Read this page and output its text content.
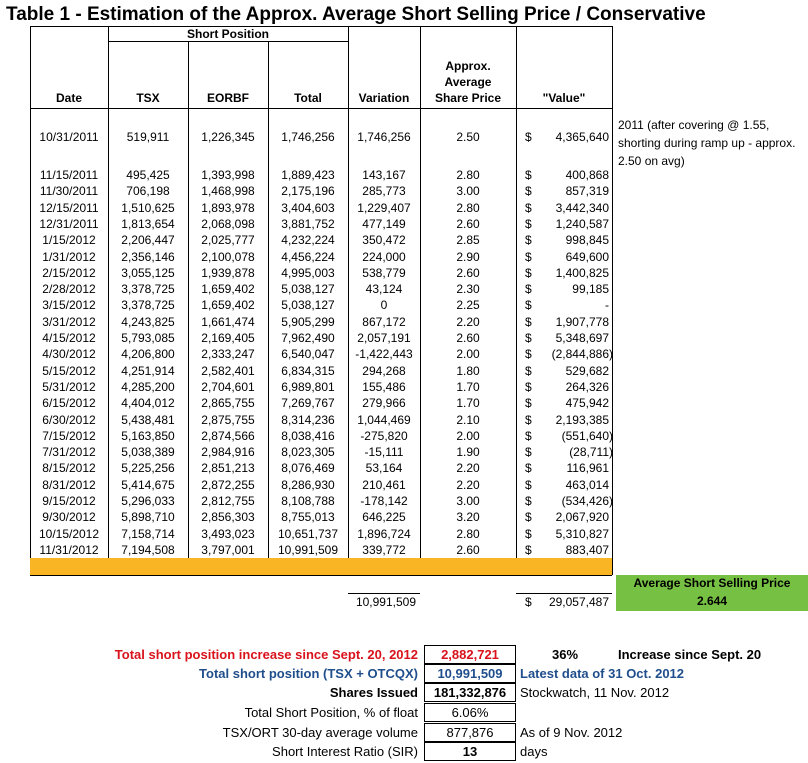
Table 1 - Estimation of the Approx. Average Short Selling Price / Conservative
Short Position
Date	TSX	EORBF	Total	Variation
Approx.
Average
Share Price	"Value"
10/31/2011	519,911	1,226,345	1,746,256	1,746,256	2.50	$	4,365,640
11/15/2011	495,425	1,393,998	1,889,423	143,167	2.80	$	400,868
11/30/2011	706,198	1,468,998	2,175,196	285,773	3.00	$	857,319
12/15/2011	1,510,625	1,893,978	3,404,603	1,229,407	2.80	$	3,442,340
12/31/2011	1,813,654	2,068,098	3,881,752	477,149	2.60	$	1,240,587
1/15/2012	2,206,447	2,025,777	4,232,224	350,472	2.85	$	998,845
1/31/2012	2,356,146	2,100,078	4,456,224	224,000	2.90	$	649,600
2/15/2012	3,055,125	1,939,878	4,995,003	538,779	2.60	$	1,400,825
2/28/2012	3,378,725	1,659,402	5,038,127	43,124	2.30	$	99,185
3/15/2012	3,378,725	1,659,402	5,038,127	0	2.25	$	-
3/31/2012	4,243,825	1,661,474	5,905,299	867,172	2.20	$	1,907,778
4/15/2012	5,793,085	2,169,405	7,962,490	2,057,191	2.60	$	5,348,697
4/30/2012	4,206,800	2,333,247	6,540,047	-1,422,443	2.00	$	(2,844,886)
5/15/2012	4,251,914	2,582,401	6,834,315	294,268	1.80	$	529,682
5/31/2012	4,285,200	2,704,601	6,989,801	155,486	1.70	$	264,326
6/15/2012	4,404,012	2,865,755	7,269,767	279,966	1.70	$	475,942
6/30/2012	5,438,481	2,875,755	8,314,236	1,044,469	2.10	$	2,193,385
7/15/2012	5,163,850	2,874,566	8,038,416	-275,820	2.00	$	(551,640)
7/31/2012	5,038,389	2,984,916	8,023,305	-15,111	1.90	$	(28,711)
8/15/2012	5,225,256	2,851,213	8,076,469	53,164	2.20	$	116,961
8/31/2012	5,414,675	2,872,255	8,286,930	210,461	2.20	$	463,014
9/15/2012	5,296,033	2,812,755	8,108,788	-178,142	3.00	$	(534,426)
9/30/2012	5,898,710	2,856,303	8,755,013	646,225	3.20	$	2,067,920
10/15/2012	7,158,714	3,493,023	10,651,737	1,896,724	2.80	$	5,310,827
11/31/2012	7,194,508	3,797,001	10,991,509	339,772	2.60	$	883,407
2011 (after covering @ 1.55, shorting during ramp up - approx. 2.50 on avg)
10,991,509	$	29,057,487
Average Short Selling Price
2.644
Total short position increase since Sept. 20, 2012	2,882,721	36%	Increase since Sept. 20
Total short position (TSX + OTCQX)	10,991,509	Latest data of 31 Oct. 2012
Shares Issued	181,332,876	Stockwatch, 11 Nov. 2012
Total Short Position, % of float	6.06%
TSX/ORT 30-day average volume	877,876	As of 9 Nov. 2012
Short Interest Ratio (SIR)	13	days
